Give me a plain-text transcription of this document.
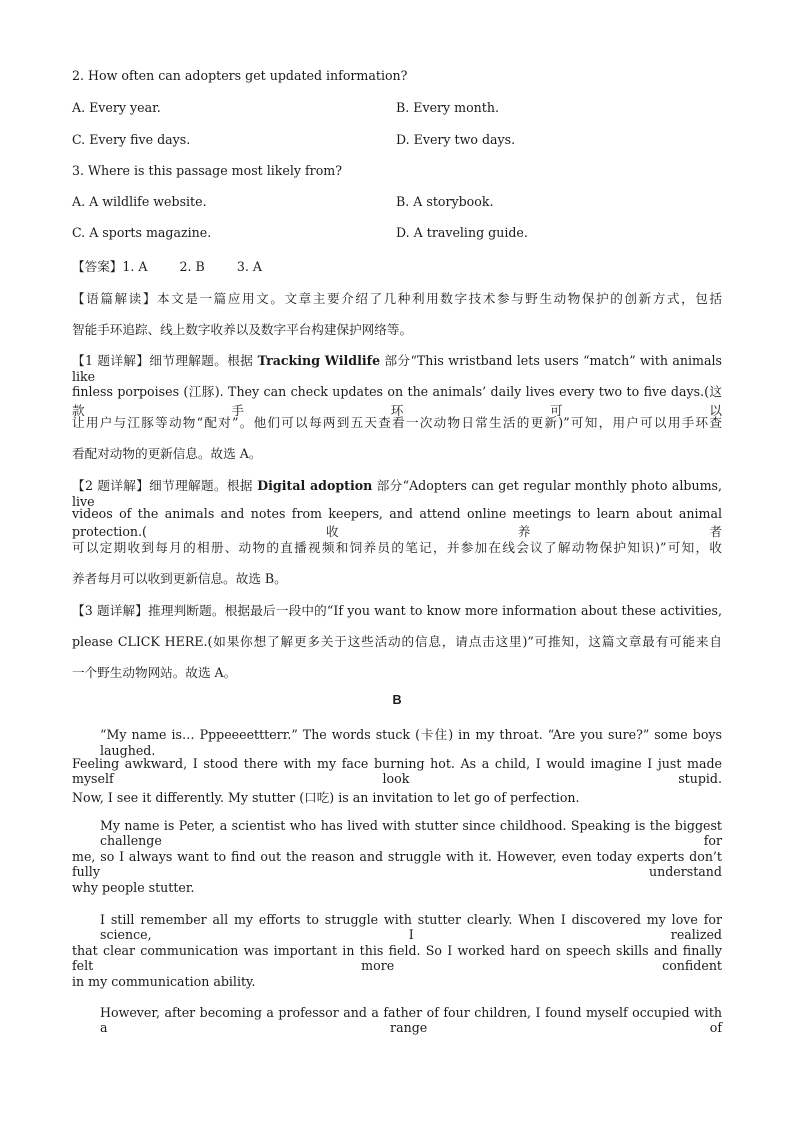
2. How often can adopters get updated information?
A. Every year.	B. Every month.
C. Every five days.	D. Every two days.
3. Where is this passage most likely from?
A. A wildlife website.	B. A storybook.
C. A sports magazine.	D. A traveling guide.
【答案】1. A        2. B        3. A
【语篇解读】本文是一篇应用文。文章主要介绍了几种利用数字技术参与野生动物保护的创新方式，包括
智能手环追踪、线上数字收养以及数字平台构建保护网络等。
【1 题详解】细节理解题。根据 Tracking Wildlife 部分“This wristband lets users “match” with animals like
finless porpoises (江豚). They can check updates on the animals’ daily lives every two to five days.(这款手环可以
让用户与江豚等动物“配对”。他们可以每两到五天查看一次动物日常生活的更新)”可知，用户可以用手环查
看配对动物的更新信息。故选 A。
【2 题详解】细节理解题。根据 Digital adoption 部分“Adopters can get regular monthly photo albums, live
videos of the animals and notes from keepers, and attend online meetings to learn about animal protection.(收养者
可以定期收到每月的相册、动物的直播视频和饲养员的笔记，并参加在线会议了解动物保护知识)”可知，收
养者每月可以收到更新信息。故选 B。
【3 题详解】推理判断题。根据最后一段中的“If you want to know more information about these activities,
please CLICK HERE.(如果你想了解更多关于这些活动的信息，请点击这里)”可推知，这篇文章最有可能来自
一个野生动物网站。故选 A。
B
“My name is… Pppeeeettterr.” The words stuck (卡住) in my throat. “Are you sure?” some boys laughed.
Feeling awkward, I stood there with my face burning hot. As a child, I would imagine I just made myself look stupid.
Now, I see it differently. My stutter (口吃) is an invitation to let go of perfection.
My name is Peter, a scientist who has lived with stutter since childhood. Speaking is the biggest challenge for
me, so I always want to find out the reason and struggle with it. However, even today experts don’t fully understand
why people stutter.
I still remember all my efforts to struggle with stutter clearly. When I discovered my love for science, I realized
that clear communication was important in this field. So I worked hard on speech skills and finally felt more confident
in my communication ability.
However, after becoming a professor and a father of four children, I found myself occupied with a range of
